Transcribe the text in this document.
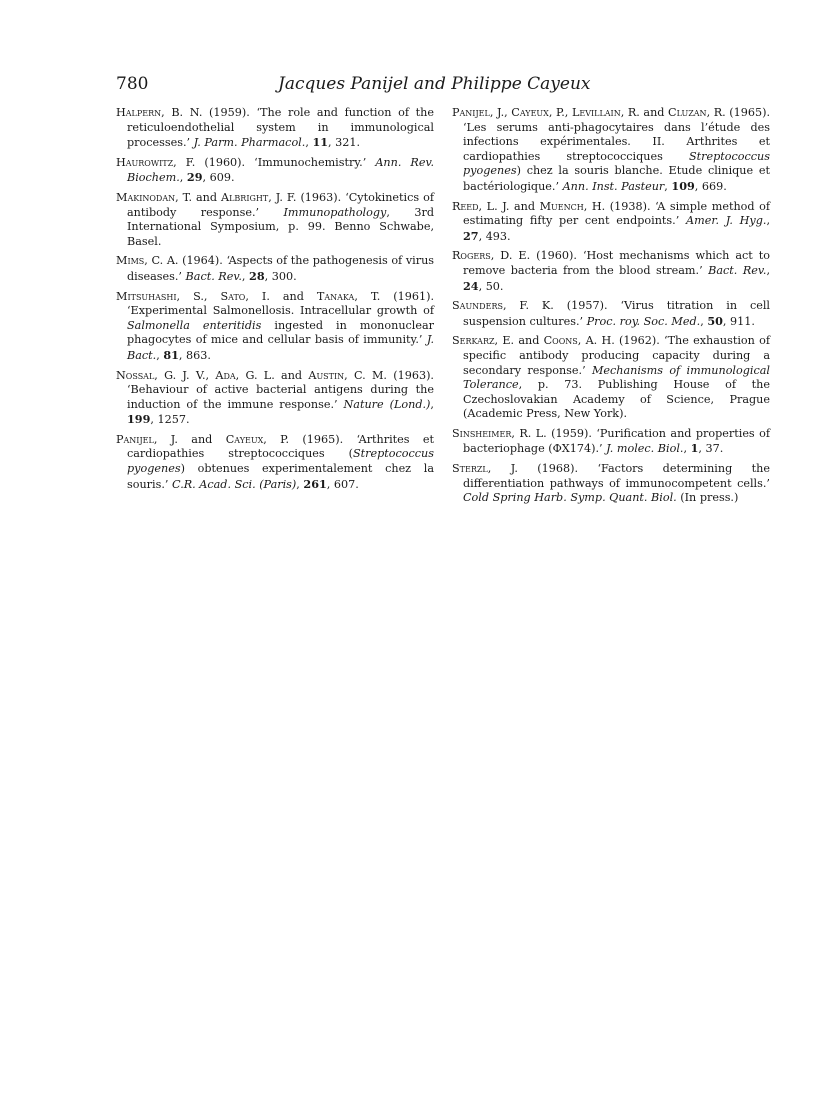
780	Jacques Panijel and Philippe Cayeux

Halpern, B. N. (1959). ‘The role and function of the reticuloendothelial system in immunological processes.’ J. Parm. Pharmacol., 11, 321.

Haurowitz, F. (1960). ‘Immunochemistry.’ Ann. Rev. Biochem., 29, 609.

Makinodan, T. and Albright, J. F. (1963). ‘Cytokinetics of antibody response.’ Immunopathology, 3rd International Symposium, p. 99. Benno Schwabe, Basel.

Mims, C. A. (1964). ‘Aspects of the pathogenesis of virus diseases.’ Bact. Rev., 28, 300.

Mitsuhashi, S., Sato, I. and Tanaka, T. (1961). ‘Experimental Salmonellosis. Intracellular growth of Salmonella enteritidis ingested in mononuclear phagocytes of mice and cellular basis of immunity.’ J. Bact., 81, 863.

Nossal, G. J. V., Ada, G. L. and Austin, C. M. (1963). ‘Behaviour of active bacterial antigens during the induction of the immune response.’ Nature (Lond.), 199, 1257.

Panijel, J. and Cayeux, P. (1965). ‘Arthrites et cardiopathies streptococciques (Streptococcus pyogenes) obtenues experimentalement chez la souris.’ C.R. Acad. Sci. (Paris), 261, 607.

Panijel, J., Cayeux, P., Levillain, R. and Cluzan, R. (1965). ‘Les serums anti-phagocytaires dans l’étude des infections expérimentales. II. Arthrites et cardiopathies streptococciques Streptococcus pyogenes) chez la souris blanche. Etude clinique et bactériologique.’ Ann. Inst. Pasteur, 109, 669.

Reed, L. J. and Muench, H. (1938). ‘A simple method of estimating fifty per cent endpoints.’ Amer. J. Hyg., 27, 493.

Rogers, D. E. (1960). ‘Host mechanisms which act to remove bacteria from the blood stream.’ Bact. Rev., 24, 50.

Saunders, F. K. (1957). ‘Virus titration in cell suspension cultures.’ Proc. roy. Soc. Med., 50, 911.

Serkarz, E. and Coons, A. H. (1962). ‘The exhaustion of specific antibody producing capacity during a secondary response.’ Mechanisms of immunological Tolerance, p. 73. Publishing House of the Czechoslovakian Academy of Science, Prague (Academic Press, New York).

Sinsheimer, R. L. (1959). ‘Purification and properties of bacteriophage (ΦX174).’ J. molec. Biol., 1, 37.

Sterzl, J. (1968). ‘Factors determining the differentiation pathways of immunocompetent cells.’ Cold Spring Harb. Symp. Quant. Biol. (In press.)
